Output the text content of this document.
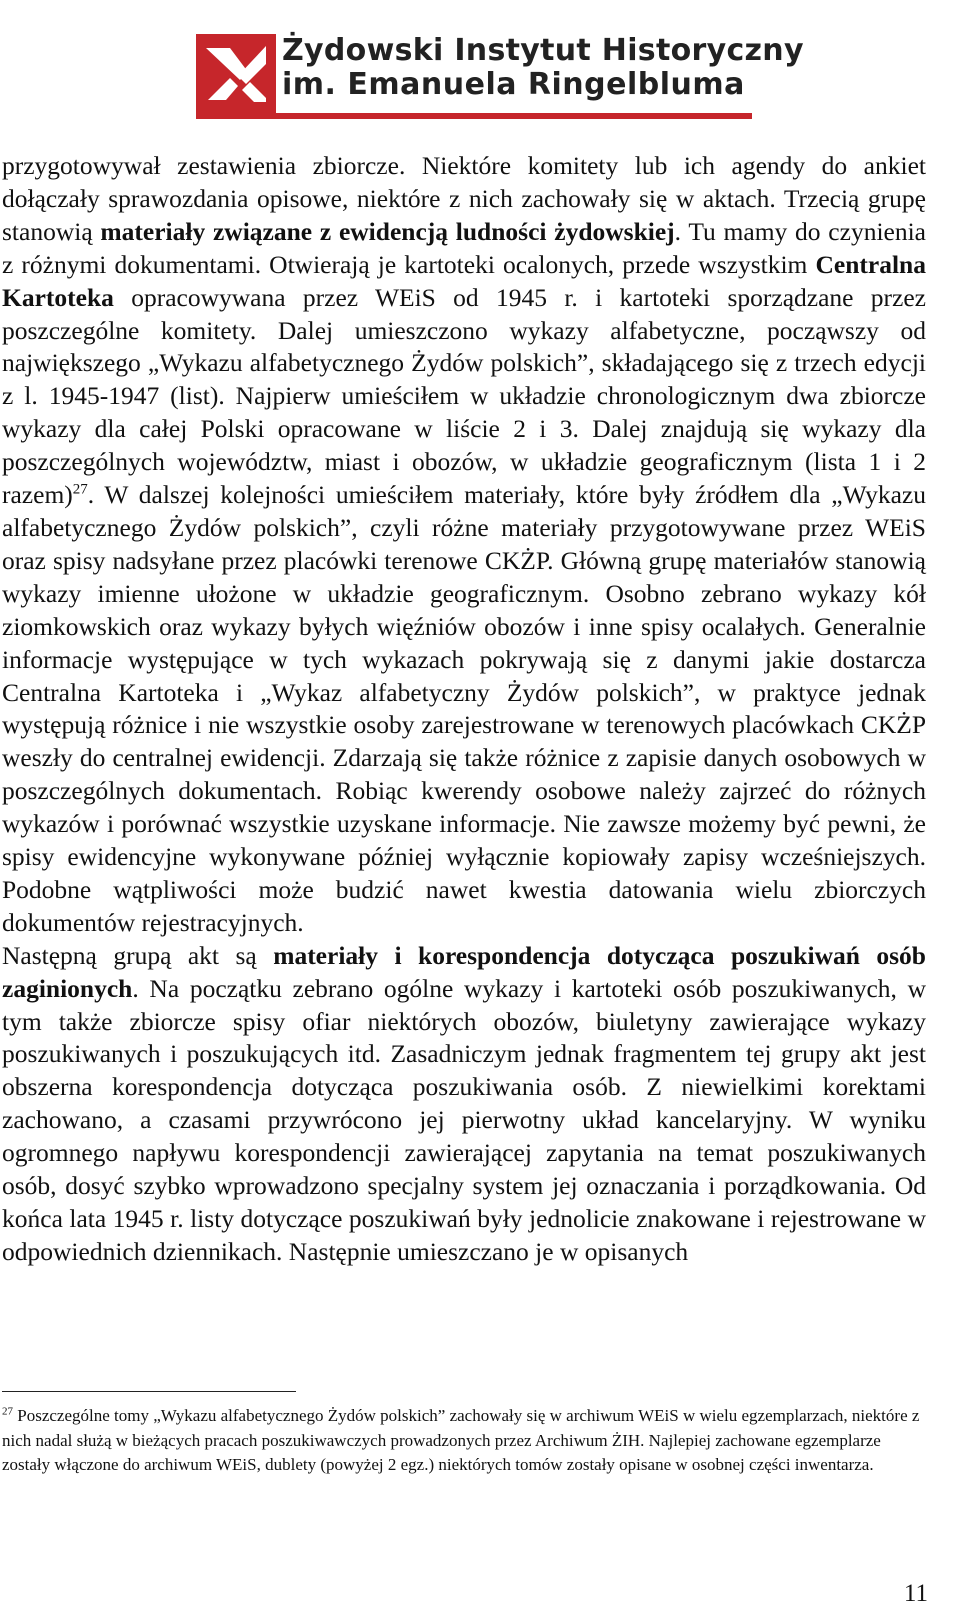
Żydowski Instytut Historyczny
im. Emanuela Ringelbluma

przygotowywał zestawienia zbiorcze. Niektóre komitety lub ich agendy do ankiet dołączały sprawozdania opisowe, niektóre z nich zachowały się w aktach. Trzecią grupę stanowią materiały związane z ewidencją ludności żydowskiej. Tu mamy do czynienia z różnymi dokumentami. Otwierają je kartoteki ocalonych, przede wszystkim Centralna Kartoteka opracowywana przez WEiS od 1945 r. i kartoteki sporządzane przez poszczególne komitety. Dalej umieszczono wykazy alfabetyczne, począwszy od największego „Wykazu alfabetycznego Żydów polskich”, składającego się z trzech edycji z l. 1945-1947 (list). Najpierw umieściłem w układzie chronologicznym dwa zbiorcze wykazy dla całej Polski opracowane w liście 2 i 3. Dalej znajdują się wykazy dla poszczególnych województw, miast i obozów, w układzie geograficznym (lista 1 i 2 razem)$^{27}$. W dalszej kolejności umieściłem materiały, które były źródłem dla „Wykazu alfabetycznego Żydów polskich”, czyli różne materiały przygotowywane przez WEiS oraz spisy nadsyłane przez placówki terenowe CKŻP. Główną grupę materiałów stanowią wykazy imienne ułożone w układzie geograficznym. Osobno zebrano wykazy kół ziomkowskich oraz wykazy byłych więźniów obozów i inne spisy ocalałych. Generalnie informacje występujące w tych wykazach pokrywają się z danymi jakie dostarcza Centralna Kartoteka i „Wykaz alfabetyczny Żydów polskich”, w praktyce jednak występują różnice i nie wszystkie osoby zarejestrowane w terenowych placówkach CKŻP weszły do centralnej ewidencji. Zdarzają się także różnice z zapisie danych osobowych w poszczególnych dokumentach. Robiąc kwerendy osobowe należy zajrzeć do różnych wykazów i porównać wszystkie uzyskane informacje. Nie zawsze możemy być pewni, że spisy ewidencyjne wykonywane później wyłącznie kopiowały zapisy wcześniejszych. Podobne wątpliwości może budzić nawet kwestia datowania wielu zbiorczych dokumentów rejestracyjnych.

Następną grupą akt są materiały i korespondencja dotycząca poszukiwań osób zaginionych. Na początku zebrano ogólne wykazy i kartoteki osób poszukiwanych, w tym także zbiorcze spisy ofiar niektórych obozów, biuletyny zawierające wykazy poszukiwanych i poszukujących itd. Zasadniczym jednak fragmentem tej grupy akt jest obszerna korespondencja dotycząca poszukiwania osób. Z niewielkimi korektami zachowano, a czasami przywrócono jej pierwotny układ kancelaryjny. W wyniku ogromnego napływu korespondencji zawierającej zapytania na temat poszukiwanych osób, dosyć szybko wprowadzono specjalny system jej oznaczania i porządkowania. Od końca lata 1945 r. listy dotyczące poszukiwań były jednolicie znakowane i rejestrowane w odpowiednich dziennikach. Następnie umieszczano je w opisanych

$^{27}$ Poszczególne tomy „Wykazu alfabetycznego Żydów polskich” zachowały się w archiwum WEiS w wielu egzemplarzach, niektóre z nich nadal służą w bieżących pracach poszukiwawczych prowadzonych przez Archiwum ŻIH. Najlepiej zachowane egzemplarze zostały włączone do archiwum WEiS, dublety (powyżej 2 egz.) niektórych tomów zostały opisane w osobnej części inwentarza.
11
